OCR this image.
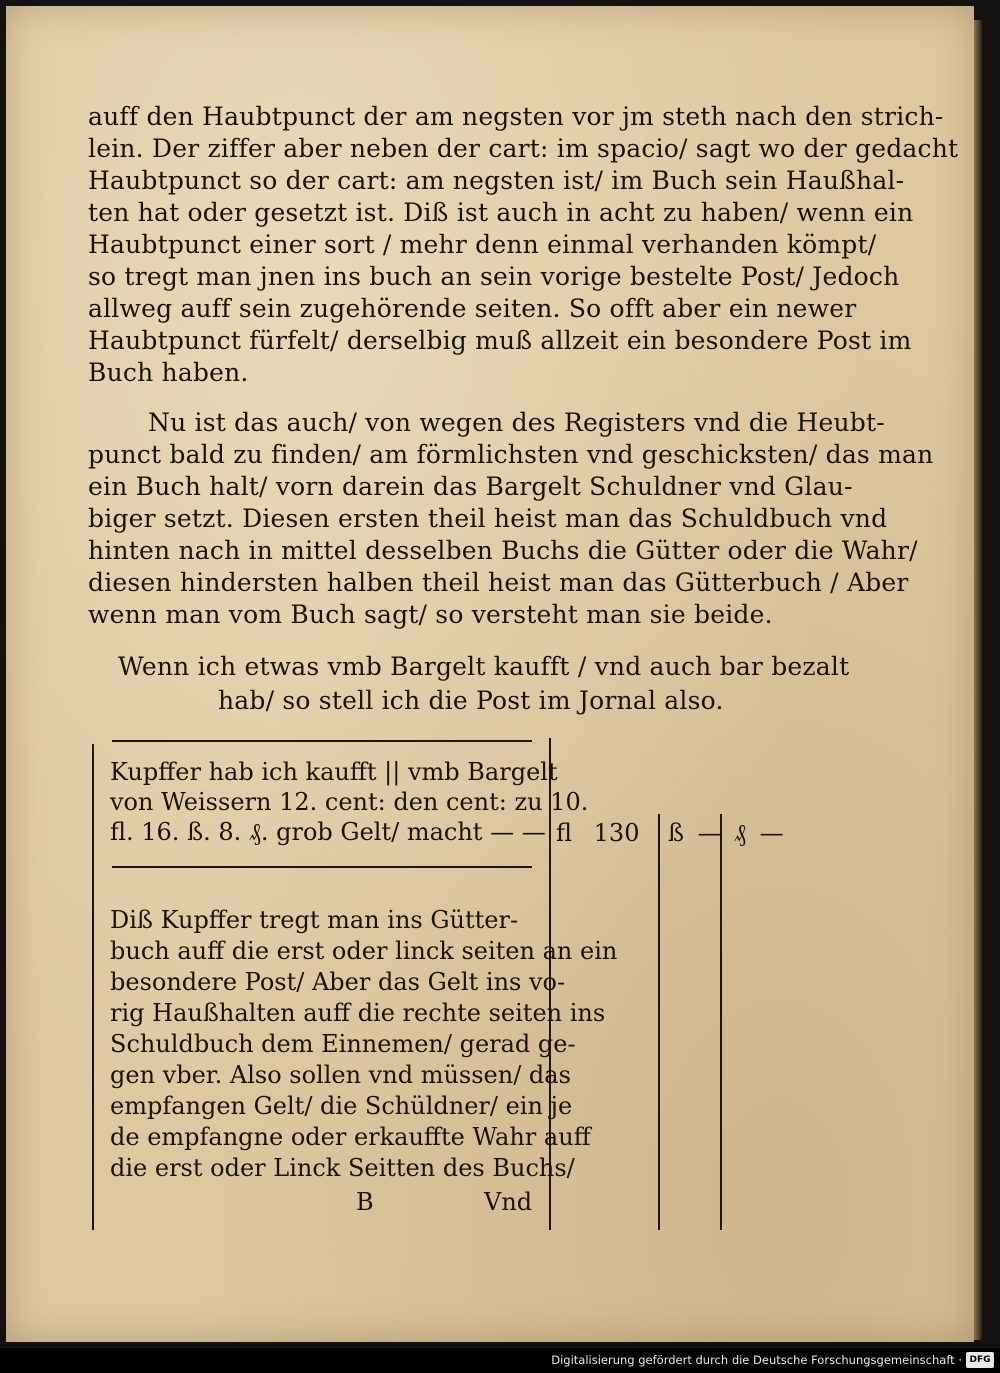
auff den Haubtpunct der am negsten vor jm steth nach den strich-
lein. Der ziffer aber neben der cart: im spacio/ sagt wo der gedacht
Haubtpunct so der cart: am negsten ist/ im Buch sein Haußhal-
ten hat oder gesetzt ist. Diß ist auch in acht zu haben/ wenn ein
Haubtpunct einer sort / mehr denn einmal verhanden kömpt/
so tregt man jnen ins buch an sein vorige bestelte Post/ Jedoch
allweg auff sein zugehörende seiten. So offt aber ein newer
Haubtpunct fürfelt/ derselbig muß allzeit ein besondere Post im
Buch haben.
Nu ist das auch/ von wegen des Registers vnd die Heubt-
punct bald zu finden/ am förmlichsten vnd geschicksten/ das man
ein Buch halt/ vorn darein das Bargelt Schuldner vnd Glau-
biger setzt. Diesen ersten theil heist man das Schuldbuch vnd
hinten nach in mittel desselben Buchs die Gütter oder die Wahr/
diesen hindersten halben theil heist man das Gütterbuch / Aber
wenn man vom Buch sagt/ so versteht man sie beide.
Wenn ich etwas vmb Bargelt kaufft / vnd auch bar bezalt
hab/ so stell ich die Post im Jornal also.
Kupffer hab ich kaufft || vmb Bargelt
von Weissern 12. cent: den cent: zu 10.
fl. 16. ß. 8. ₰. grob Gelt/ macht — — fl 130 ß — ₰ —
Diß Kupffer tregt man ins Gütter-
buch auff die erst oder linck seiten an ein
besondere Post/ Aber das Gelt ins vo-
rig Haußhalten auff die rechte seiten ins
Schuldbuch dem Einnemen/ gerad ge-
gen vber. Also sollen vnd müssen/ das
empfangen Gelt/ die Schüldner/ ein je
de empfangne oder erkauffte Wahr auff
die erst oder Linck Seitten des Buchs/
B	Vnd
Digitalisierung gefördert durch die Deutsche Forschungsgemeinschaft · DFG
